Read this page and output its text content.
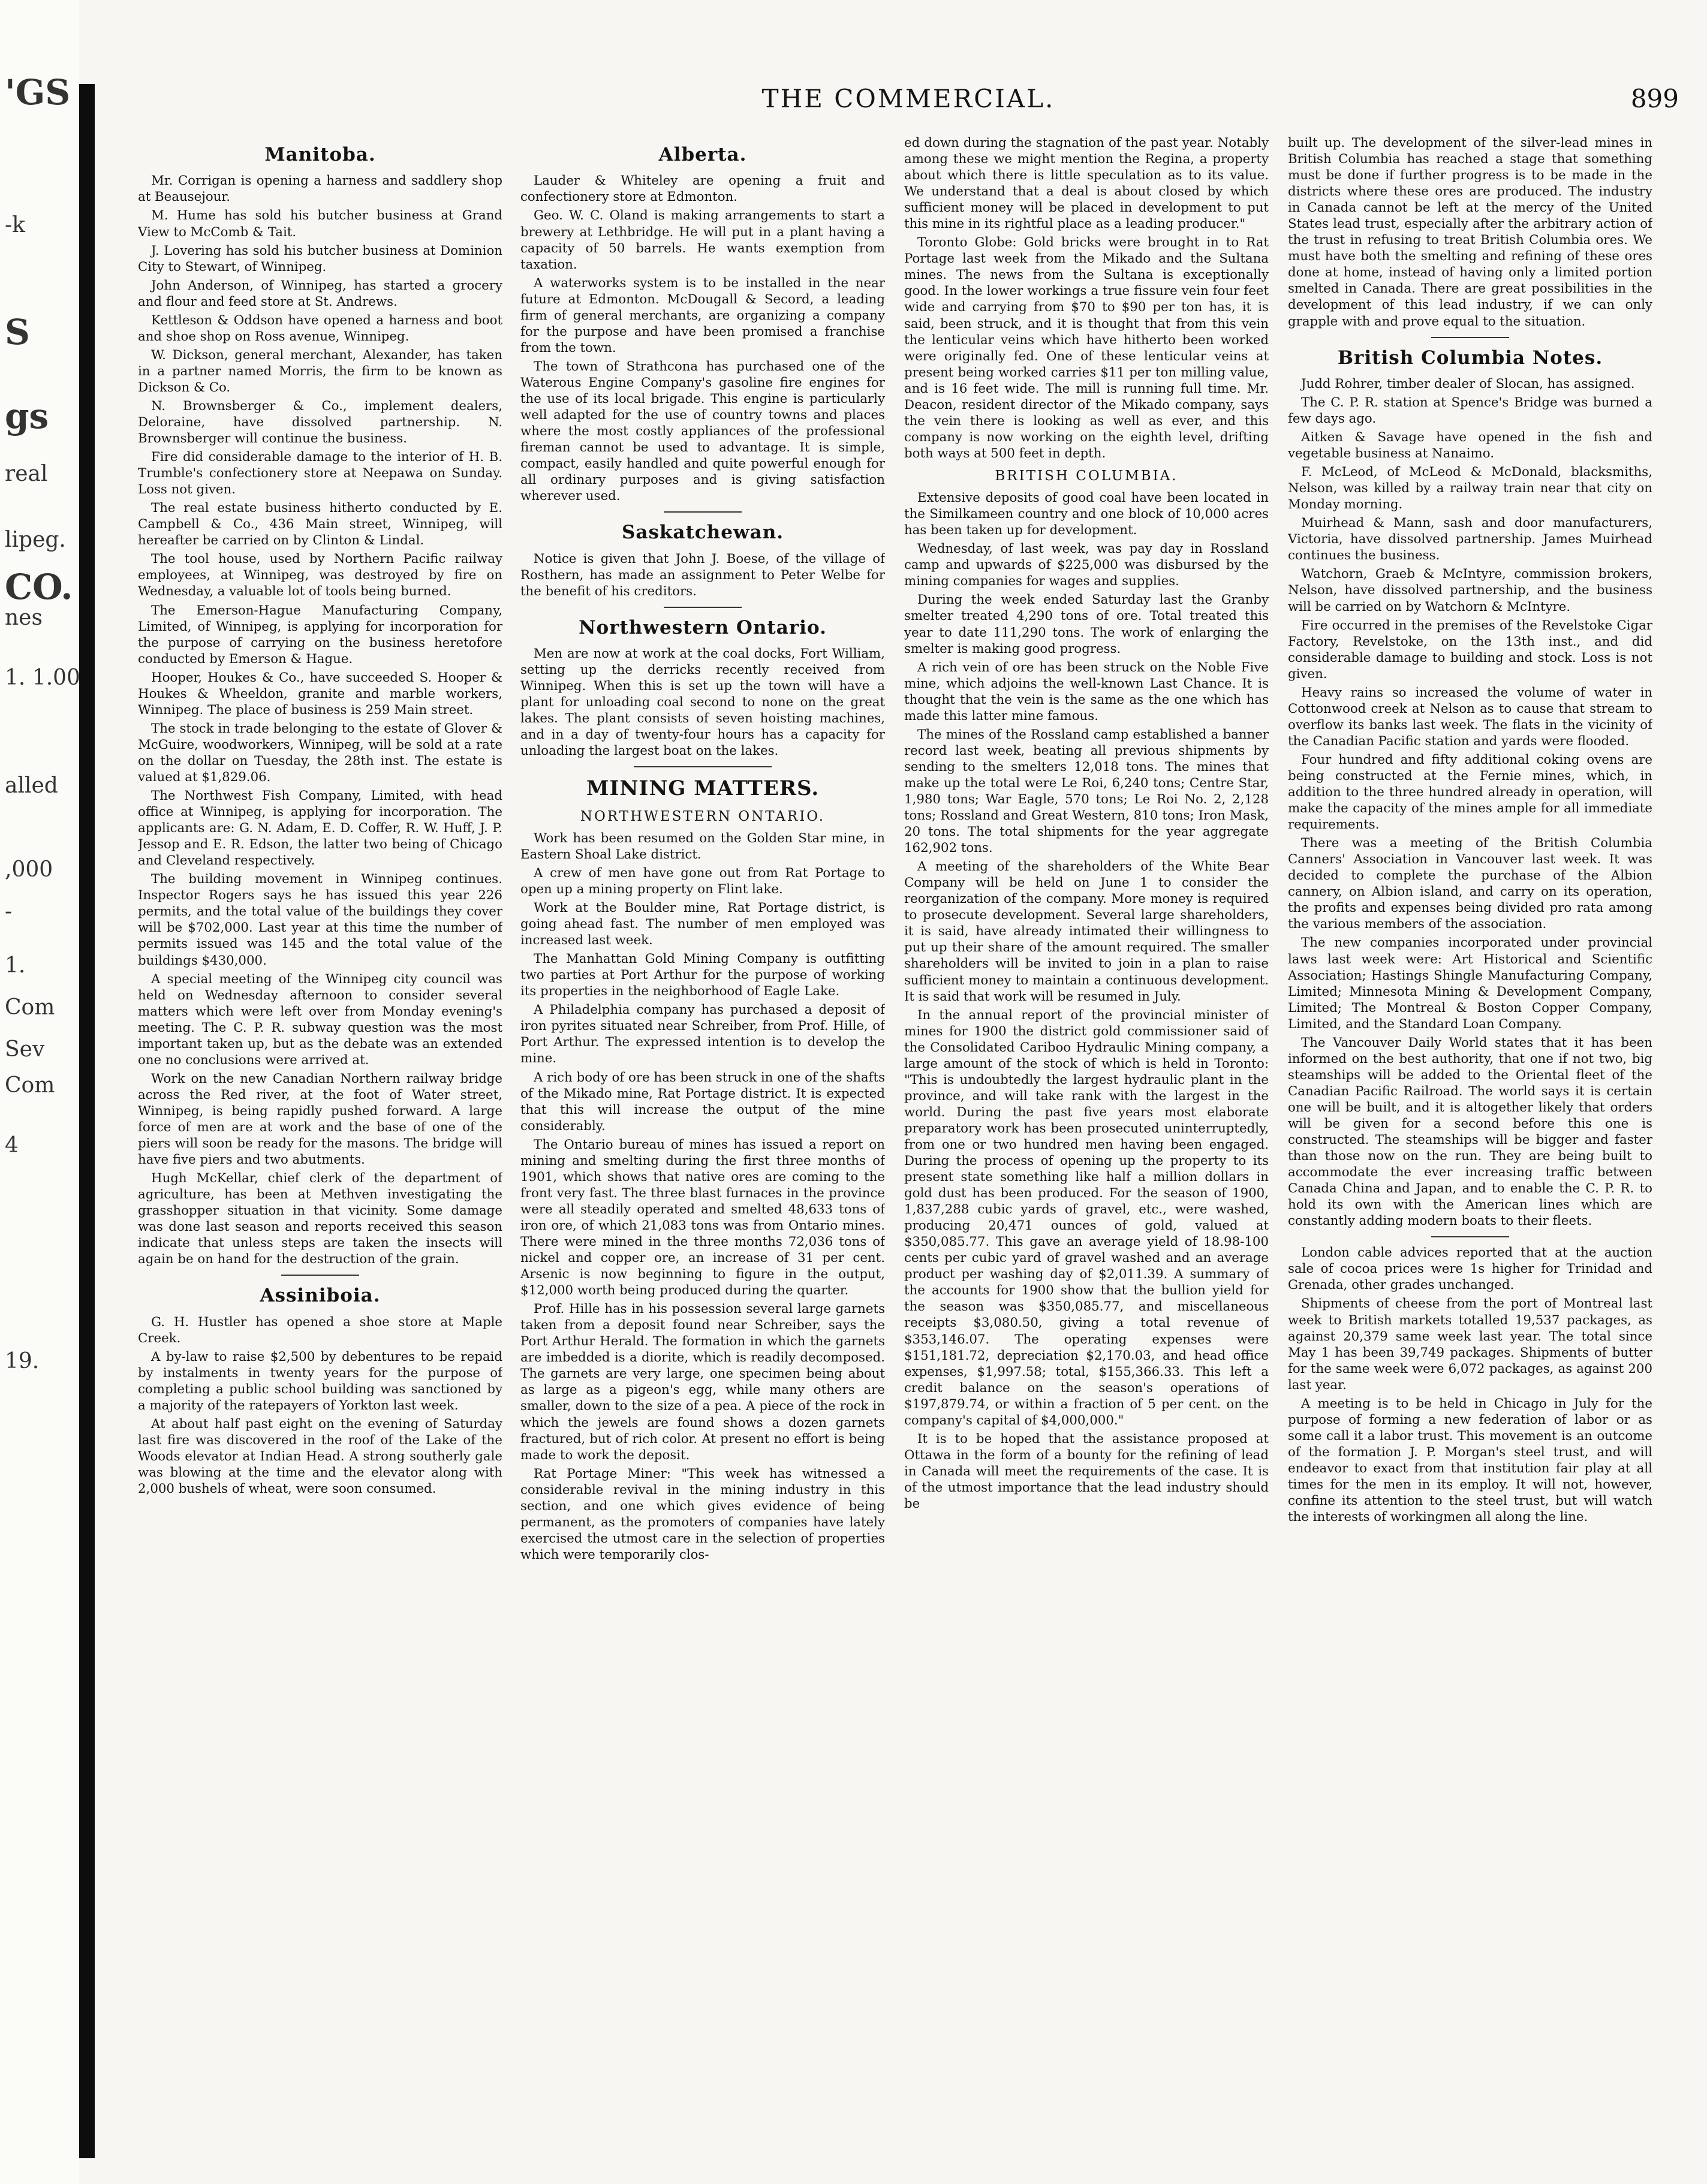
'GS
-k
S
gs
real
lipeg.
CO.
nes
1. 1.00
alled
,000
-
1.
Com
Sev
Com
4
19.
THE COMMERCIAL.	899
Manitoba.

Mr. Corrigan is opening a harness and saddlery shop at Beausejour.

M. Hume has sold his butcher business at Grand View to McComb & Tait.

J. Lovering has sold his butcher business at Dominion City to Stewart, of Winnipeg.

John Anderson, of Winnipeg, has started a grocery and flour and feed store at St. Andrews.

Kettleson & Oddson have opened a harness and boot and shoe shop on Ross avenue, Winnipeg.

W. Dickson, general merchant, Alexander, has taken in a partner named Morris, the firm to be known as Dickson & Co.

N. Brownsberger & Co., implement dealers, Deloraine, have dissolved partnership. N. Brownsberger will continue the business.

Fire did considerable damage to the interior of H. B. Trumble's confectionery store at Neepawa on Sunday. Loss not given.

The real estate business hitherto conducted by E. Campbell & Co., 436 Main street, Winnipeg, will hereafter be carried on by Clinton & Lindal.

The tool house, used by Northern Pacific railway employees, at Winnipeg, was destroyed by fire on Wednesday, a valuable lot of tools being burned.

The Emerson-Hague Manufacturing Company, Limited, of Winnipeg, is applying for incorporation for the purpose of carrying on the business heretofore conducted by Emerson & Hague.

Hooper, Houkes & Co., have succeeded S. Hooper & Houkes & Wheeldon, granite and marble workers, Winnipeg. The place of business is 259 Main street.

The stock in trade belonging to the estate of Glover & McGuire, woodworkers, Winnipeg, will be sold at a rate on the dollar on Tuesday, the 28th inst. The estate is valued at $1,829.06.

The Northwest Fish Company, Limited, with head office at Winnipeg, is applying for incorporation. The applicants are: G. N. Adam, E. D. Coffer, R. W. Huff, J. P. Jessop and E. R. Edson, the latter two being of Chicago and Cleveland respectively.

The building movement in Winnipeg continues. Inspector Rogers says he has issued this year 226 permits, and the total value of the buildings they cover will be $702,000. Last year at this time the number of permits issued was 145 and the total value of the buildings $430,000.

A special meeting of the Winnipeg city council was held on Wednesday afternoon to consider several matters which were left over from Monday evening's meeting. The C. P. R. subway question was the most important taken up, but as the debate was an extended one no conclusions were arrived at.

Work on the new Canadian Northern railway bridge across the Red river, at the foot of Water street, Winnipeg, is being rapidly pushed forward. A large force of men are at work and the base of one of the piers will soon be ready for the masons. The bridge will have five piers and two abutments.

Hugh McKellar, chief clerk of the department of agriculture, has been at Methven investigating the grasshopper situation in that vicinity. Some damage was done last season and reports received this season indicate that unless steps are taken the insects will again be on hand for the destruction of the grain.

Assiniboia.

G. H. Hustler has opened a shoe store at Maple Creek.

A by-law to raise $2,500 by debentures to be repaid by instalments in twenty years for the purpose of completing a public school building was sanctioned by a majority of the ratepayers of Yorkton last week.

At about half past eight on the evening of Saturday last fire was discovered in the roof of the Lake of the Woods elevator at Indian Head. A strong southerly gale was blowing at the time and the elevator along with 2,000 bushels of wheat, were soon consumed.

Alberta.

Lauder & Whiteley are opening a fruit and confectionery store at Edmonton.

Geo. W. C. Oland is making arrangements to start a brewery at Lethbridge. He will put in a plant having a capacity of 50 barrels. He wants exemption from taxation.

A waterworks system is to be installed in the near future at Edmonton. McDougall & Secord, a leading firm of general merchants, are organizing a company for the purpose and have been promised a franchise from the town.

The town of Strathcona has purchased one of the Waterous Engine Company's gasoline fire engines for the use of its local brigade. This engine is particularly well adapted for the use of country towns and places where the most costly appliances of the professional fireman cannot be used to advantage. It is simple, compact, easily handled and quite powerful enough for all ordinary purposes and is giving satisfaction wherever used.

Saskatchewan.

Notice is given that John J. Boese, of the village of Rosthern, has made an assignment to Peter Welbe for the benefit of his creditors.

Northwestern Ontario.

Men are now at work at the coal docks, Fort William, setting up the derricks recently received from Winnipeg. When this is set up the town will have a plant for unloading coal second to none on the great lakes. The plant consists of seven hoisting machines, and in a day of twenty-four hours has a capacity for unloading the largest boat on the lakes.

MINING MATTERS.
NORTHWESTERN ONTARIO.

Work has been resumed on the Golden Star mine, in Eastern Shoal Lake district.

A crew of men have gone out from Rat Portage to open up a mining property on Flint lake.

Work at the Boulder mine, Rat Portage district, is going ahead fast. The number of men employed was increased last week.

The Manhattan Gold Mining Company is outfitting two parties at Port Arthur for the purpose of working its properties in the neighborhood of Eagle Lake.

A Philadelphia company has purchased a deposit of iron pyrites situated near Schreiber, from Prof. Hille, of Port Arthur. The expressed intention is to develop the mine.

A rich body of ore has been struck in one of the shafts of the Mikado mine, Rat Portage district. It is expected that this will increase the output of the mine considerably.

The Ontario bureau of mines has issued a report on mining and smelting during the first three months of 1901, which shows that native ores are coming to the front very fast. The three blast furnaces in the province were all steadily operated and smelted 48,633 tons of iron ore, of which 21,083 tons was from Ontario mines. There were mined in the three months 72,036 tons of nickel and copper ore, an increase of 31 per cent. Arsenic is now beginning to figure in the output, $12,000 worth being produced during the quarter.

Prof. Hille has in his possession several large garnets taken from a deposit found near Schreiber, says the Port Arthur Herald. The formation in which the garnets are imbedded is a diorite, which is readily decomposed. The garnets are very large, one specimen being about as large as a pigeon's egg, while many others are smaller, down to the size of a pea. A piece of the rock in which the jewels are found shows a dozen garnets fractured, but of rich color. At present no effort is being made to work the deposit.

Rat Portage Miner: "This week has witnessed a considerable revival in the mining industry in this section, and one which gives evidence of being permanent, as the promoters of companies have lately exercised the utmost care in the selection of properties which were temporarily clos-

ed down during the stagnation of the past year. Notably among these we might mention the Regina, a property about which there is little speculation as to its value. We understand that a deal is about closed by which sufficient money will be placed in development to put this mine in its rightful place as a leading producer."

Toronto Globe: Gold bricks were brought in to Rat Portage last week from the Mikado and the Sultana mines. The news from the Sultana is exceptionally good. In the lower workings a true fissure vein four feet wide and carrying from $70 to $90 per ton has, it is said, been struck, and it is thought that from this vein the lenticular veins which have hitherto been worked were originally fed. One of these lenticular veins at present being worked carries $11 per ton milling value, and is 16 feet wide. The mill is running full time. Mr. Deacon, resident director of the Mikado company, says the vein there is looking as well as ever, and this company is now working on the eighth level, drifting both ways at 500 feet in depth.

BRITISH COLUMBIA.

Extensive deposits of good coal have been located in the Similkameen country and one block of 10,000 acres has been taken up for development.

Wednesday, of last week, was pay day in Rossland camp and upwards of $225,000 was disbursed by the mining companies for wages and supplies.

During the week ended Saturday last the Granby smelter treated 4,290 tons of ore. Total treated this year to date 111,290 tons. The work of enlarging the smelter is making good progress.

A rich vein of ore has been struck on the Noble Five mine, which adjoins the well-known Last Chance. It is thought that the vein is the same as the one which has made this latter mine famous.

The mines of the Rossland camp established a banner record last week, beating all previous shipments by sending to the smelters 12,018 tons. The mines that make up the total were Le Roi, 6,240 tons; Centre Star, 1,980 tons; War Eagle, 570 tons; Le Roi No. 2, 2,128 tons; Rossland and Great Western, 810 tons; Iron Mask, 20 tons. The total shipments for the year aggregate 162,902 tons.

A meeting of the shareholders of the White Bear Company will be held on June 1 to consider the reorganization of the company. More money is required to prosecute development. Several large shareholders, it is said, have already intimated their willingness to put up their share of the amount required. The smaller shareholders will be invited to join in a plan to raise sufficient money to maintain a continuous development. It is said that work will be resumed in July.

In the annual report of the provincial minister of mines for 1900 the district gold commissioner said of the Consolidated Cariboo Hydraulic Mining company, a large amount of the stock of which is held in Toronto: "This is undoubtedly the largest hydraulic plant in the province, and will take rank with the largest in the world. During the past five years most elaborate preparatory work has been prosecuted uninterruptedly, from one or two hundred men having been engaged. During the process of opening up the property to its present state something like half a million dollars in gold dust has been produced. For the season of 1900, 1,837,288 cubic yards of gravel, etc., were washed, producing 20,471 ounces of gold, valued at $350,085.77. This gave an average yield of 18.98-100 cents per cubic yard of gravel washed and an average product per washing day of $2,011.39. A summary of the accounts for 1900 show that the bullion yield for the season was $350,085.77, and miscellaneous receipts $3,080.50, giving a total revenue of $353,146.07. The operating expenses were $151,181.72, depreciation $2,170.03, and head office expenses, $1,997.58; total, $155,366.33. This left a credit balance on the season's operations of $197,879.74, or within a fraction of 5 per cent. on the company's capital of $4,000,000."

It is to be hoped that the assistance proposed at Ottawa in the form of a bounty for the refining of lead in Canada will meet the requirements of the case. It is of the utmost importance that the lead industry should be

built up. The development of the silver-lead mines in British Columbia has reached a stage that something must be done if further progress is to be made in the districts where these ores are produced. The industry in Canada cannot be left at the mercy of the United States lead trust, especially after the arbitrary action of the trust in refusing to treat British Columbia ores. We must have both the smelting and refining of these ores done at home, instead of having only a limited portion smelted in Canada. There are great possibilities in the development of this lead industry, if we can only grapple with and prove equal to the situation.

British Columbia Notes.

Judd Rohrer, timber dealer of Slocan, has assigned.

The C. P. R. station at Spence's Bridge was burned a few days ago.

Aitken & Savage have opened in the fish and vegetable business at Nanaimo.

F. McLeod, of McLeod & McDonald, blacksmiths, Nelson, was killed by a railway train near that city on Monday morning.

Muirhead & Mann, sash and door manufacturers, Victoria, have dissolved partnership. James Muirhead continues the business.

Watchorn, Graeb & McIntyre, commission brokers, Nelson, have dissolved partnership, and the business will be carried on by Watchorn & McIntyre.

Fire occurred in the premises of the Revelstoke Cigar Factory, Revelstoke, on the 13th inst., and did considerable damage to building and stock. Loss is not given.

Heavy rains so increased the volume of water in Cottonwood creek at Nelson as to cause that stream to overflow its banks last week. The flats in the vicinity of the Canadian Pacific station and yards were flooded.

Four hundred and fifty additional coking ovens are being constructed at the Fernie mines, which, in addition to the three hundred already in operation, will make the capacity of the mines ample for all immediate requirements.

There was a meeting of the British Columbia Canners' Association in Vancouver last week. It was decided to complete the purchase of the Albion cannery, on Albion island, and carry on its operation, the profits and expenses being divided pro rata among the various members of the association.

The new companies incorporated under provincial laws last week were: Art Historical and Scientific Association; Hastings Shingle Manufacturing Company, Limited; Minnesota Mining & Development Company, Limited; The Montreal & Boston Copper Company, Limited, and the Standard Loan Company.

The Vancouver Daily World states that it has been informed on the best authority, that one if not two, big steamships will be added to the Oriental fleet of the Canadian Pacific Railroad. The world says it is certain one will be built, and it is altogether likely that orders will be given for a second before this one is constructed. The steamships will be bigger and faster than those now on the run. They are being built to accommodate the ever increasing traffic between Canada China and Japan, and to enable the C. P. R. to hold its own with the American lines which are constantly adding modern boats to their fleets.

London cable advices reported that at the auction sale of cocoa prices were 1s higher for Trinidad and Grenada, other grades unchanged.

Shipments of cheese from the port of Montreal last week to British markets totalled 19,537 packages, as against 20,379 same week last year. The total since May 1 has been 39,749 packages. Shipments of butter for the same week were 6,072 packages, as against 200 last year.

A meeting is to be held in Chicago in July for the purpose of forming a new federation of labor or as some call it a labor trust. This movement is an outcome of the formation J. P. Morgan's steel trust, and will endeavor to exact from that institution fair play at all times for the men in its employ. It will not, however, confine its attention to the steel trust, but will watch the interests of workingmen all along the line.
